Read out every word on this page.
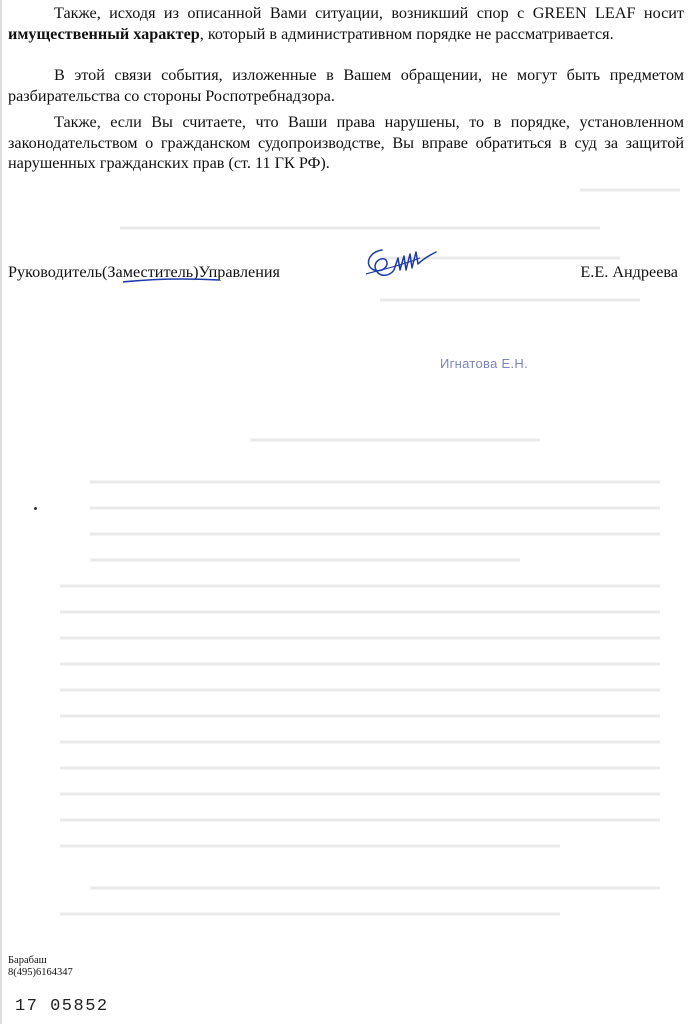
Также, исходя из описанной Вами ситуации, возникший спор с GREEN LEAF носит имущественный характер, который в административном порядке не рассматривается.

В этой связи события, изложенные в Вашем обращении, не могут быть предметом разбирательства со стороны Роспотребнадзора.

Также, если Вы считаете, что Ваши права нарушены, то в порядке, установленном законодательством о гражданском судопроизводстве, Вы вправе обратиться в суд за защитой нарушенных гражданских прав (ст. 11 ГК РФ).

Руководитель(Заместитель)Управления	Е.Е. Андреева
Игнатова Е.Н.
Барабаш
8(495)6164347
17 05852
